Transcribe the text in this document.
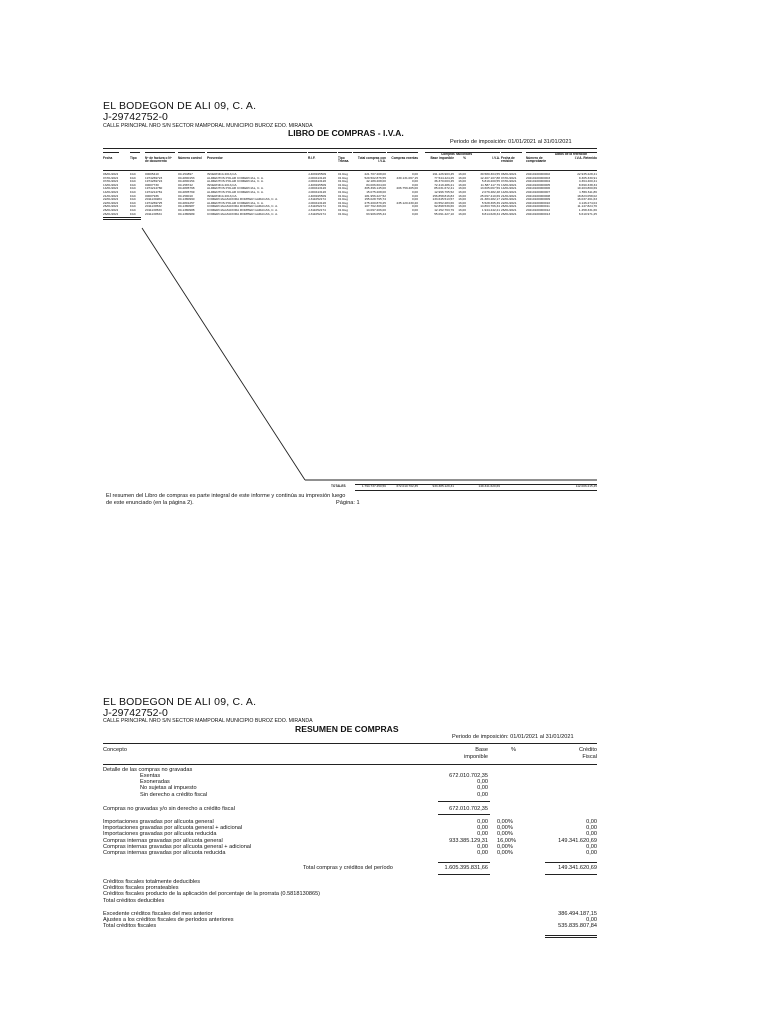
EL BODEGON DE ALI 09, C. A.
J-29742752-0
CALLE PRINCIPAL NRO S/N SECTOR MAMPORAL MUNICIPIO BUROZ EDO. MIRANDA
LIBRO DE COMPRAS - I.V.A.
Periodo de imposición: 01/01/2021 al 31/01/2021
Compras nacionales	Datos de la retención
Fecha	Tipo	Nº de factura o Nº de documento
Número control	Proveedor	R.I.F.	Tipo Transa.
Total compras con I.V.A.
Compras exentas	Base imponible	%	I.V.A. Fecha de emisión
Número de comprobante
I.V.A. Retenido
06/01/2021	FAC	00005410	00-154897	INVERNICA 2013,CA	J-409915509	01 Reg	221.707.208,00	0,00	191.126.903,45	16,00	30.580.304,55 06/01/2021	20210100000002	22.935.228,41
07/01/2021	FAC	1974269723	00-2800153	ALIMENTOS POLAR COMERCIAL, C. A.	J-000413126	01 Reg	529.502.876,55	430.131.067,15	77.544.424,25	16,00	12.407.107,88 07/01/2021	20210100000003	9.305.330,91
07/01/2021	FAC	1974269724	00-2800154	ALIMENTOS POLAR COMERCIAL, C. A.	J-000413126	01 Reg	42.189.208,00	0,00	36.370.003,45	16,00	5.819.200,55 07/01/2021	20210100000004	4.364.400,41
13/01/2021	FAC	00007730	00-158742	INVERNICA 2013,CA	J-409915509	01 Reg	84.006.604,00	0,00	72.419.486,21	16,00	11.587.117,79 13/01/2021	20210100000005	8.690.338,34
14/01/2021	FAC	1974214780	00-2805768	ALIMENTOS POLAR COMERCIAL, C. A.	J-000413126	01 Reg	305.396.145,00	206.759.405,00	85.031.672,41	16,00	13.605.067,59 14/01/2021	20210100000006	10.203.800,69
14/01/2021	FAC	1974214781	00-2805769	ALIMENTOS POLAR COMERCIAL, C. A.	J-000413126	01 Reg	15.075.208,00	0,00	12.996.765,52	16,00	2.079.482,48 14/01/2021	20210100000007	1.559.611,86
21/01/2021	FAC	00007936	00-159010	INVERNICA 2013,CA	J-409915509	01 Reg	181.956.227,52	0,00	156.858.816,83	16,00	25.097.410,69 21/01/2021	20210100000008	18.823.058,02
22/01/2021	FAC	2011130284	00-1380990	COMERCIALIZADORA ROMHER GARACAS, C. A.	J-311052174	01 Reg	155.028.795,74	0,00	133.645.513,57	16,00	21.383.282,17 22/01/2021	20210100000009	16.037.461,63
22/01/2021	FAC	1974269725	00-2801257	ALIMENTOS POLAR COMERCIAL, C. A.	J-000413126	01 Reg	275.200.879,25	235.120.230,20	34.552.283,66	16,00	5.528.365,39 22/01/2021	20210100000010	4.146.274,04
26/01/2021	FAC	2011130532	00-1380987	COMERCIALIZADORA ROMHER GARACAS, C. A.	J-311052174	01 Reg	107.762.306,00	0,00	92.898.539,66	16,00	14.863.766,34 26/01/2021	20210100000011	11.147.824,76
26/01/2021	FAC	2011130533	00-1380988	COMERCIALIZADORA ROMHER GARACAS, C. A.	J-311052174	01 Reg	14.097.206,00	0,00	12.152.763,79	16,00	1.944.442,21 26/01/2021	20210100000012	1.458.331,66
26/01/2021	FAC	2011130534	00-1380989	COMERCIALIZADORA ROMHER GARACAS, C. A.	J-311052174	01 Reg	63.906.055,44	0,00	55.091.427,10	16,00	8.814.628,34 26/01/2021	20210100000013	6.610.971,25
TOTALES	1.794.737.450,56	672.010.702,35	933.385.129,31	149.341.620,69	112.006.215,45
El resumen del Libro de compras es parte integral de este informe y continúa su impresión luego de este enunciado (en la página 2).	Página: 1
EL BODEGON DE ALI 09, C. A.
J-29742752-0
CALLE PRINCIPAL NRO S/N SECTOR MAMPORAL MUNICIPIO BUROZ EDO. MIRANDA
RESUMEN DE COMPRAS
Periodo de imposición: 01/01/2021 al 31/01/2021
Concepto	Base
imponible
%	Crédito
Fiscal
Detalle de las compras no gravadas
Exentas	672.010.702,35
Exoneradas	0,00
No sujetas al impuesto	0,00
Sin derecho a crédito fiscal	0,00
Compras no gravadas y/o sin derecho a crédito fiscal	672.010.702,35
Importaciones gravadas por alícuota general	0,00 0,00%	0,00
Importaciones gravadas por alícuota general + adicional	0,00 0,00%	0,00
Importaciones gravadas por alícuota reducida	0,00 0,00%	0,00
Compras internas gravadas por alícuota general	933.385.129,31 16,00%	149.341.620,69
Compras internas gravadas por alícuota general + adicional	0,00 0,00%	0,00
Compras internas gravadas por alícuota reducida	0,00 0,00%	0,00
Total compras y créditos del período	1.605.395.831,66	149.341.620,69
Créditos fiscales totalmente deducibles
Créditos fiscales prorrateables
Créditos fiscales producto de la aplicación del porcentaje de la prorrata (0.5818130865)
Total créditos deducibles
Excedente créditos fiscales del mes anterior	386.494.187,15
Ajustes a los créditos fiscales de períodos anteriores	0,00
Total créditos fiscales	535.835.807,84
